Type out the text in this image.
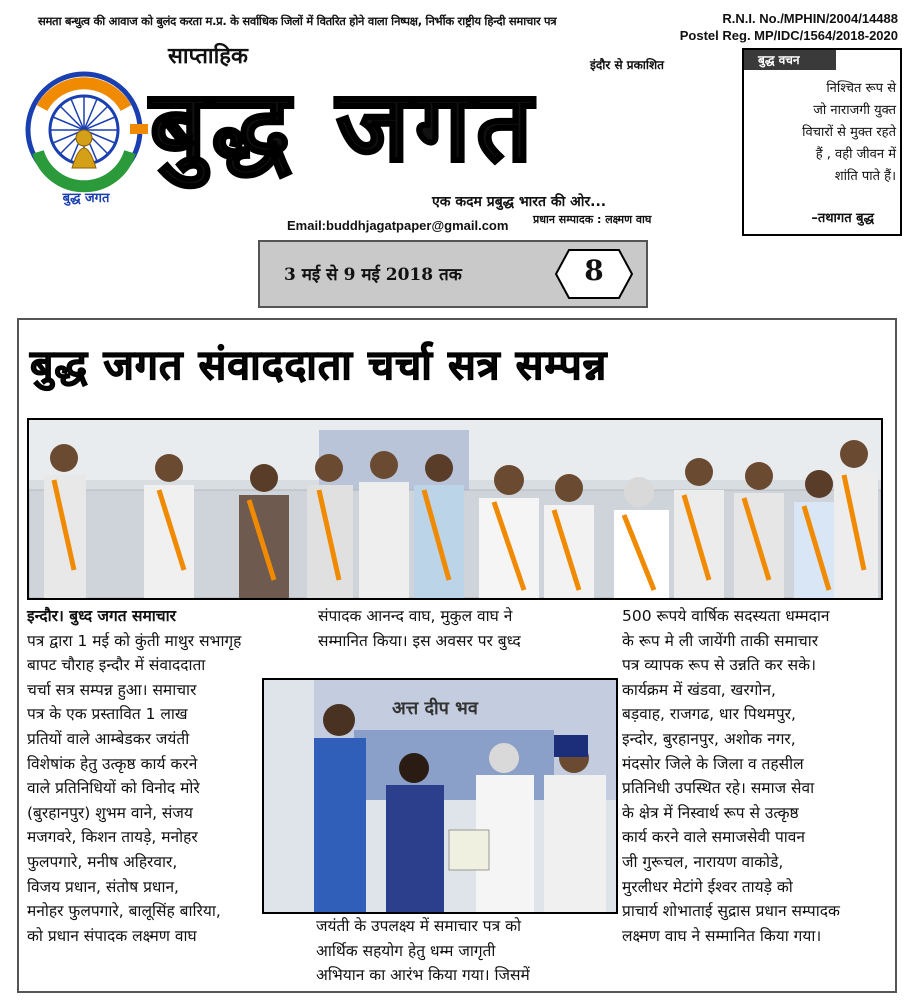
समता बन्धुत्व की आवाज को बुलंद करता म.प्र. के सर्वाधिक जिलों में वितरित होने वाला निष्पक्ष, निर्भीक राष्ट्रीय हिन्दी समाचार पत्र	R.N.I. No./MPHIN/2004/14488
Postel Reg. MP/IDC/1564/2018-2020
साप्ताहिक	इंदौर से प्रकाशित
बुद्ध जगत
बुद्ध जगत
एक कदम प्रबुद्ध भारत की ओर...
प्रधान सम्पादक : लक्ष्मण वाघ
Email:buddhjagatpaper@gmail.com
बुद्ध वचन
निश्चित रूप से
जो नाराजगी युक्त
विचारों से मुक्त रहते
हैं , वही जीवन में
शांति पाते हैं।
–तथागत बुद्ध
3 मई से 9 मई 2018 तक	8
बुद्ध जगत संवाददाता चर्चा सत्र सम्पन्न
इन्दौर। बुध्द जगत समाचार
पत्र द्वारा 1 मई को कुंती माथुर सभागृह
बापट चौराह इन्दौर में संवाददाता
चर्चा सत्र सम्पन्न हुआ। समाचार
पत्र के एक प्रस्तावित 1 लाख
प्रतियों वाले आम्बेडकर जयंती
विशेषांक हेतु उत्कृष्ठ कार्य करने
वाले प्रतिनिधियों को विनोद मोरे
(बुरहानपुर) शुभम वाने, संजय
मजगवरे, किशन तायड़े, मनोहर
फुलपगारे, मनीष अहिरवार,
विजय प्रधान, संतोष प्रधान,
मनोहर फुलपगारे, बालूसिंह बारिया,
को प्रधान संपादक लक्ष्मण वाघ
संपादक आनन्द वाघ, मुकुल वाघ ने
सम्मानित किया। इस अवसर पर बुध्द
अत्त दीप भव
जयंती के उपलक्ष्य में समाचार पत्र को
आर्थिक सहयोग हेतु धम्म जागृती
अभियान का आरंभ किया गया। जिसमें
500 रूपये वार्षिक सदस्यता धम्मदान
के रूप मे ली जायेंगी ताकी समाचार
पत्र व्यापक रूप से उन्नति कर सके।
कार्यक्रम में खंडवा, खरगोन,
बड़वाह, राजगढ, धार पिथमपुर,
इन्दोर, बुरहानपुर, अशोक नगर,
मंदसोर जिले के जिला व तहसील
प्रतिनिधी उपस्थित रहे। समाज सेवा
के क्षेत्र में निस्वार्थ रूप से उत्कृष्ठ
कार्य करने वाले समाजसेवी पावन
जी गुरूचल, नारायण वाकोडे,
मुरलीधर मेटांगे ईश्वर तायड़े को
प्राचार्य शोभाताई सुद्रास प्रधान सम्पादक
लक्ष्मण वाघ ने सम्मानित किया गया।
